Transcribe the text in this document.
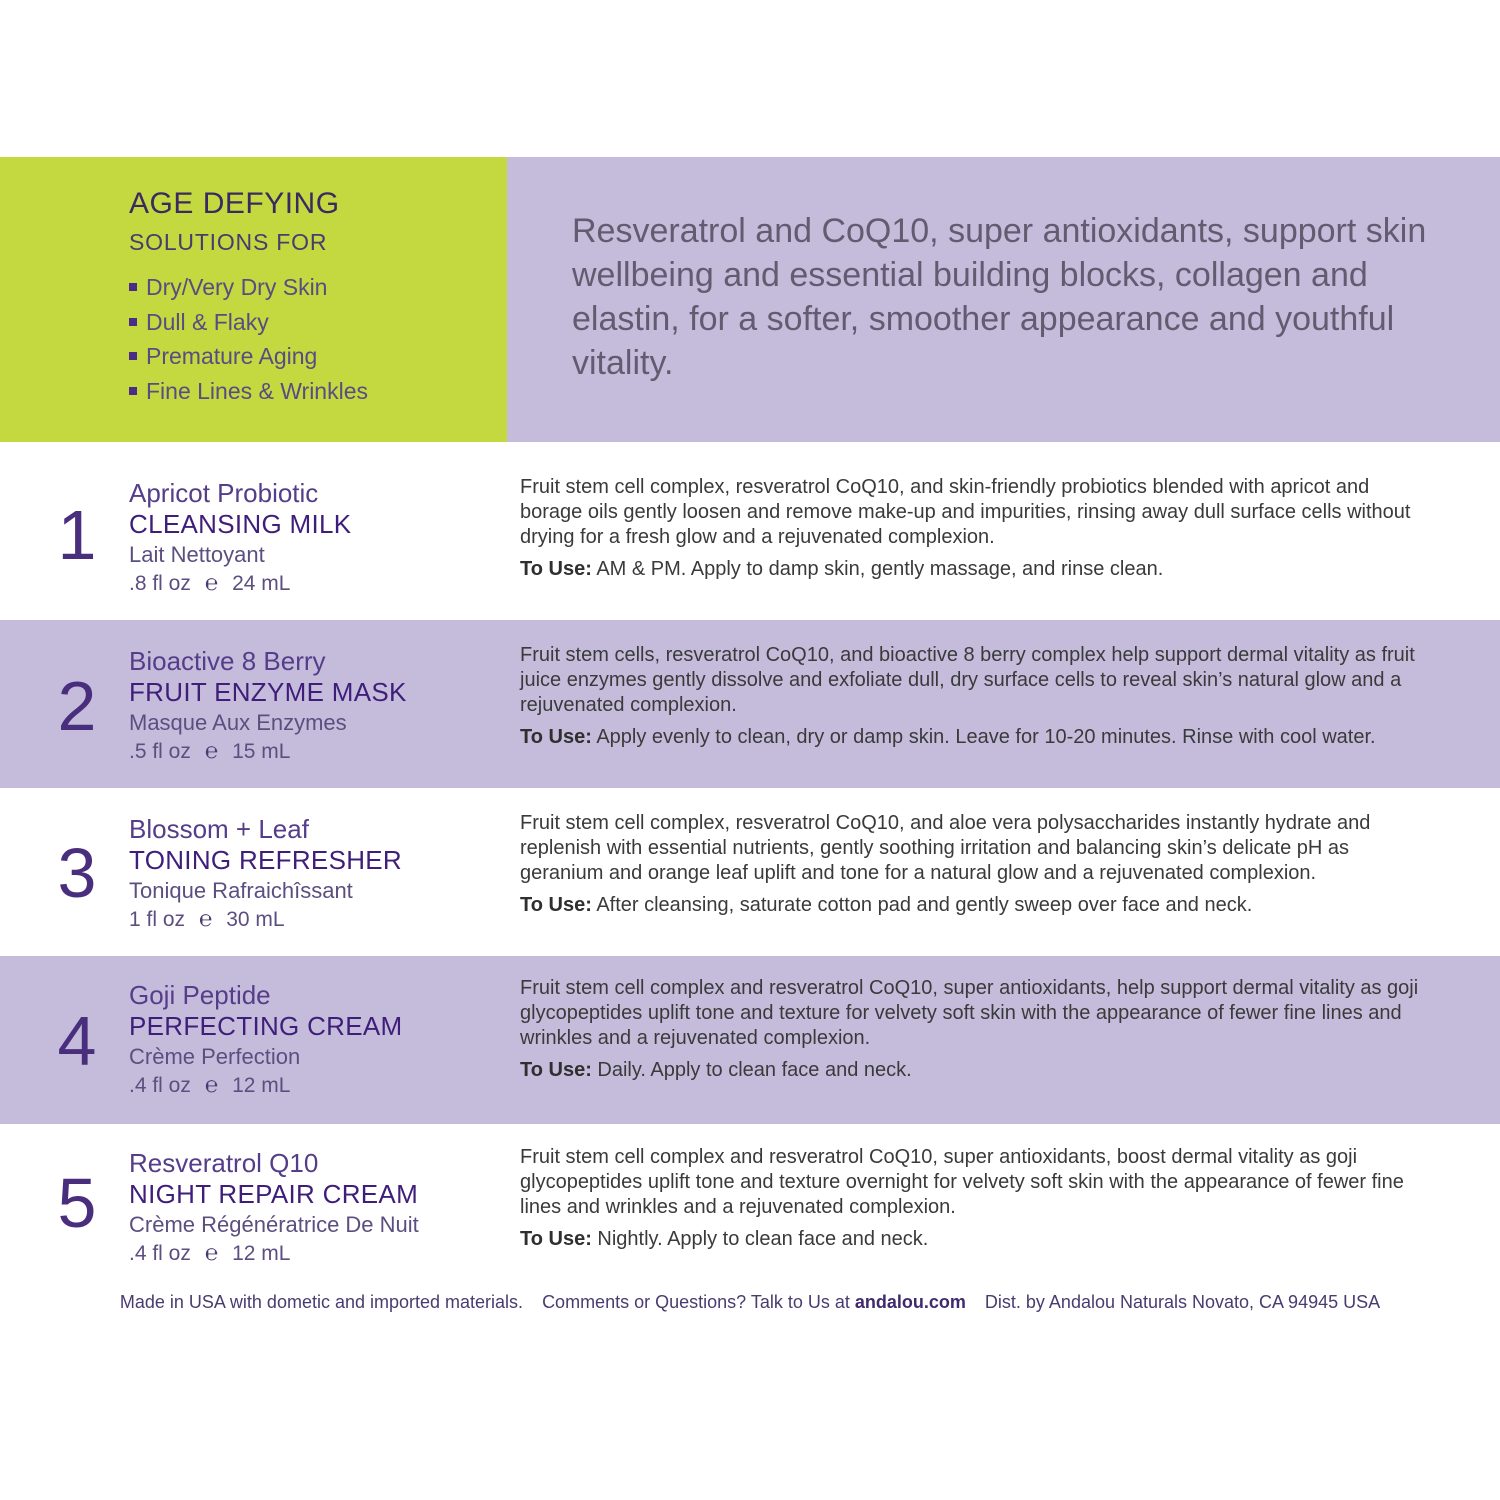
AGE DEFYING
SOLUTIONS FOR
Dry/Very Dry Skin
Dull & Flaky
Premature Aging
Fine Lines & Wrinkles
Resveratrol and CoQ10, super antioxidants, support skin wellbeing and essential building blocks, collagen and elastin, for a softer, smoother appearance and youthful vitality.
1
Apricot Probiotic
CLEANSING MILK
Lait Nettoyant
.8 fl oz ℮ 24 mL

Fruit stem cell complex, resveratrol CoQ10, and skin-friendly probiotics blended with apricot and borage oils gently loosen and remove make-up and impurities, rinsing away dull surface cells without drying for a fresh glow and a rejuvenated complexion.

To Use: AM & PM. Apply to damp skin, gently massage, and rinse clean.

2
Bioactive 8 Berry
FRUIT ENZYME MASK
Masque Aux Enzymes
.5 fl oz ℮ 15 mL

Fruit stem cells, resveratrol CoQ10, and bioactive 8 berry complex help support dermal vitality as fruit juice enzymes gently dissolve and exfoliate dull, dry surface cells to reveal skin’s natural glow and a rejuvenated complexion.

To Use: Apply evenly to clean, dry or damp skin. Leave for 10-20 minutes. Rinse with cool water.

3
Blossom + Leaf
TONING REFRESHER
Tonique Rafraichîssant
1 fl oz ℮ 30 mL

Fruit stem cell complex, resveratrol CoQ10, and aloe vera polysaccharides instantly hydrate and replenish with essential nutrients, gently soothing irritation and balancing skin’s delicate pH as geranium and orange leaf uplift and tone for a natural glow and a rejuvenated complexion.

To Use: After cleansing, saturate cotton pad and gently sweep over face and neck.

4
Goji Peptide
PERFECTING CREAM
Crème Perfection
.4 fl oz ℮ 12 mL

Fruit stem cell complex and resveratrol CoQ10, super antioxidants, help support dermal vitality as goji glycopeptides uplift tone and texture for velvety soft skin with the appearance of fewer fine lines and wrinkles and a rejuvenated complexion.

To Use: Daily. Apply to clean face and neck.

5
Resveratrol Q10
NIGHT REPAIR CREAM
Crème Régénératrice De Nuit
.4 fl oz ℮ 12 mL

Fruit stem cell complex and resveratrol CoQ10, super antioxidants, boost dermal vitality as goji glycopeptides uplift tone and texture overnight for velvety soft skin with the appearance of fewer fine lines and wrinkles and a rejuvenated complexion.

To Use: Nightly. Apply to clean face and neck.

Made in USA with dometic and imported materials. Comments or Questions? Talk to Us at andalou.com Dist. by Andalou Naturals Novato, CA 94945 USA
